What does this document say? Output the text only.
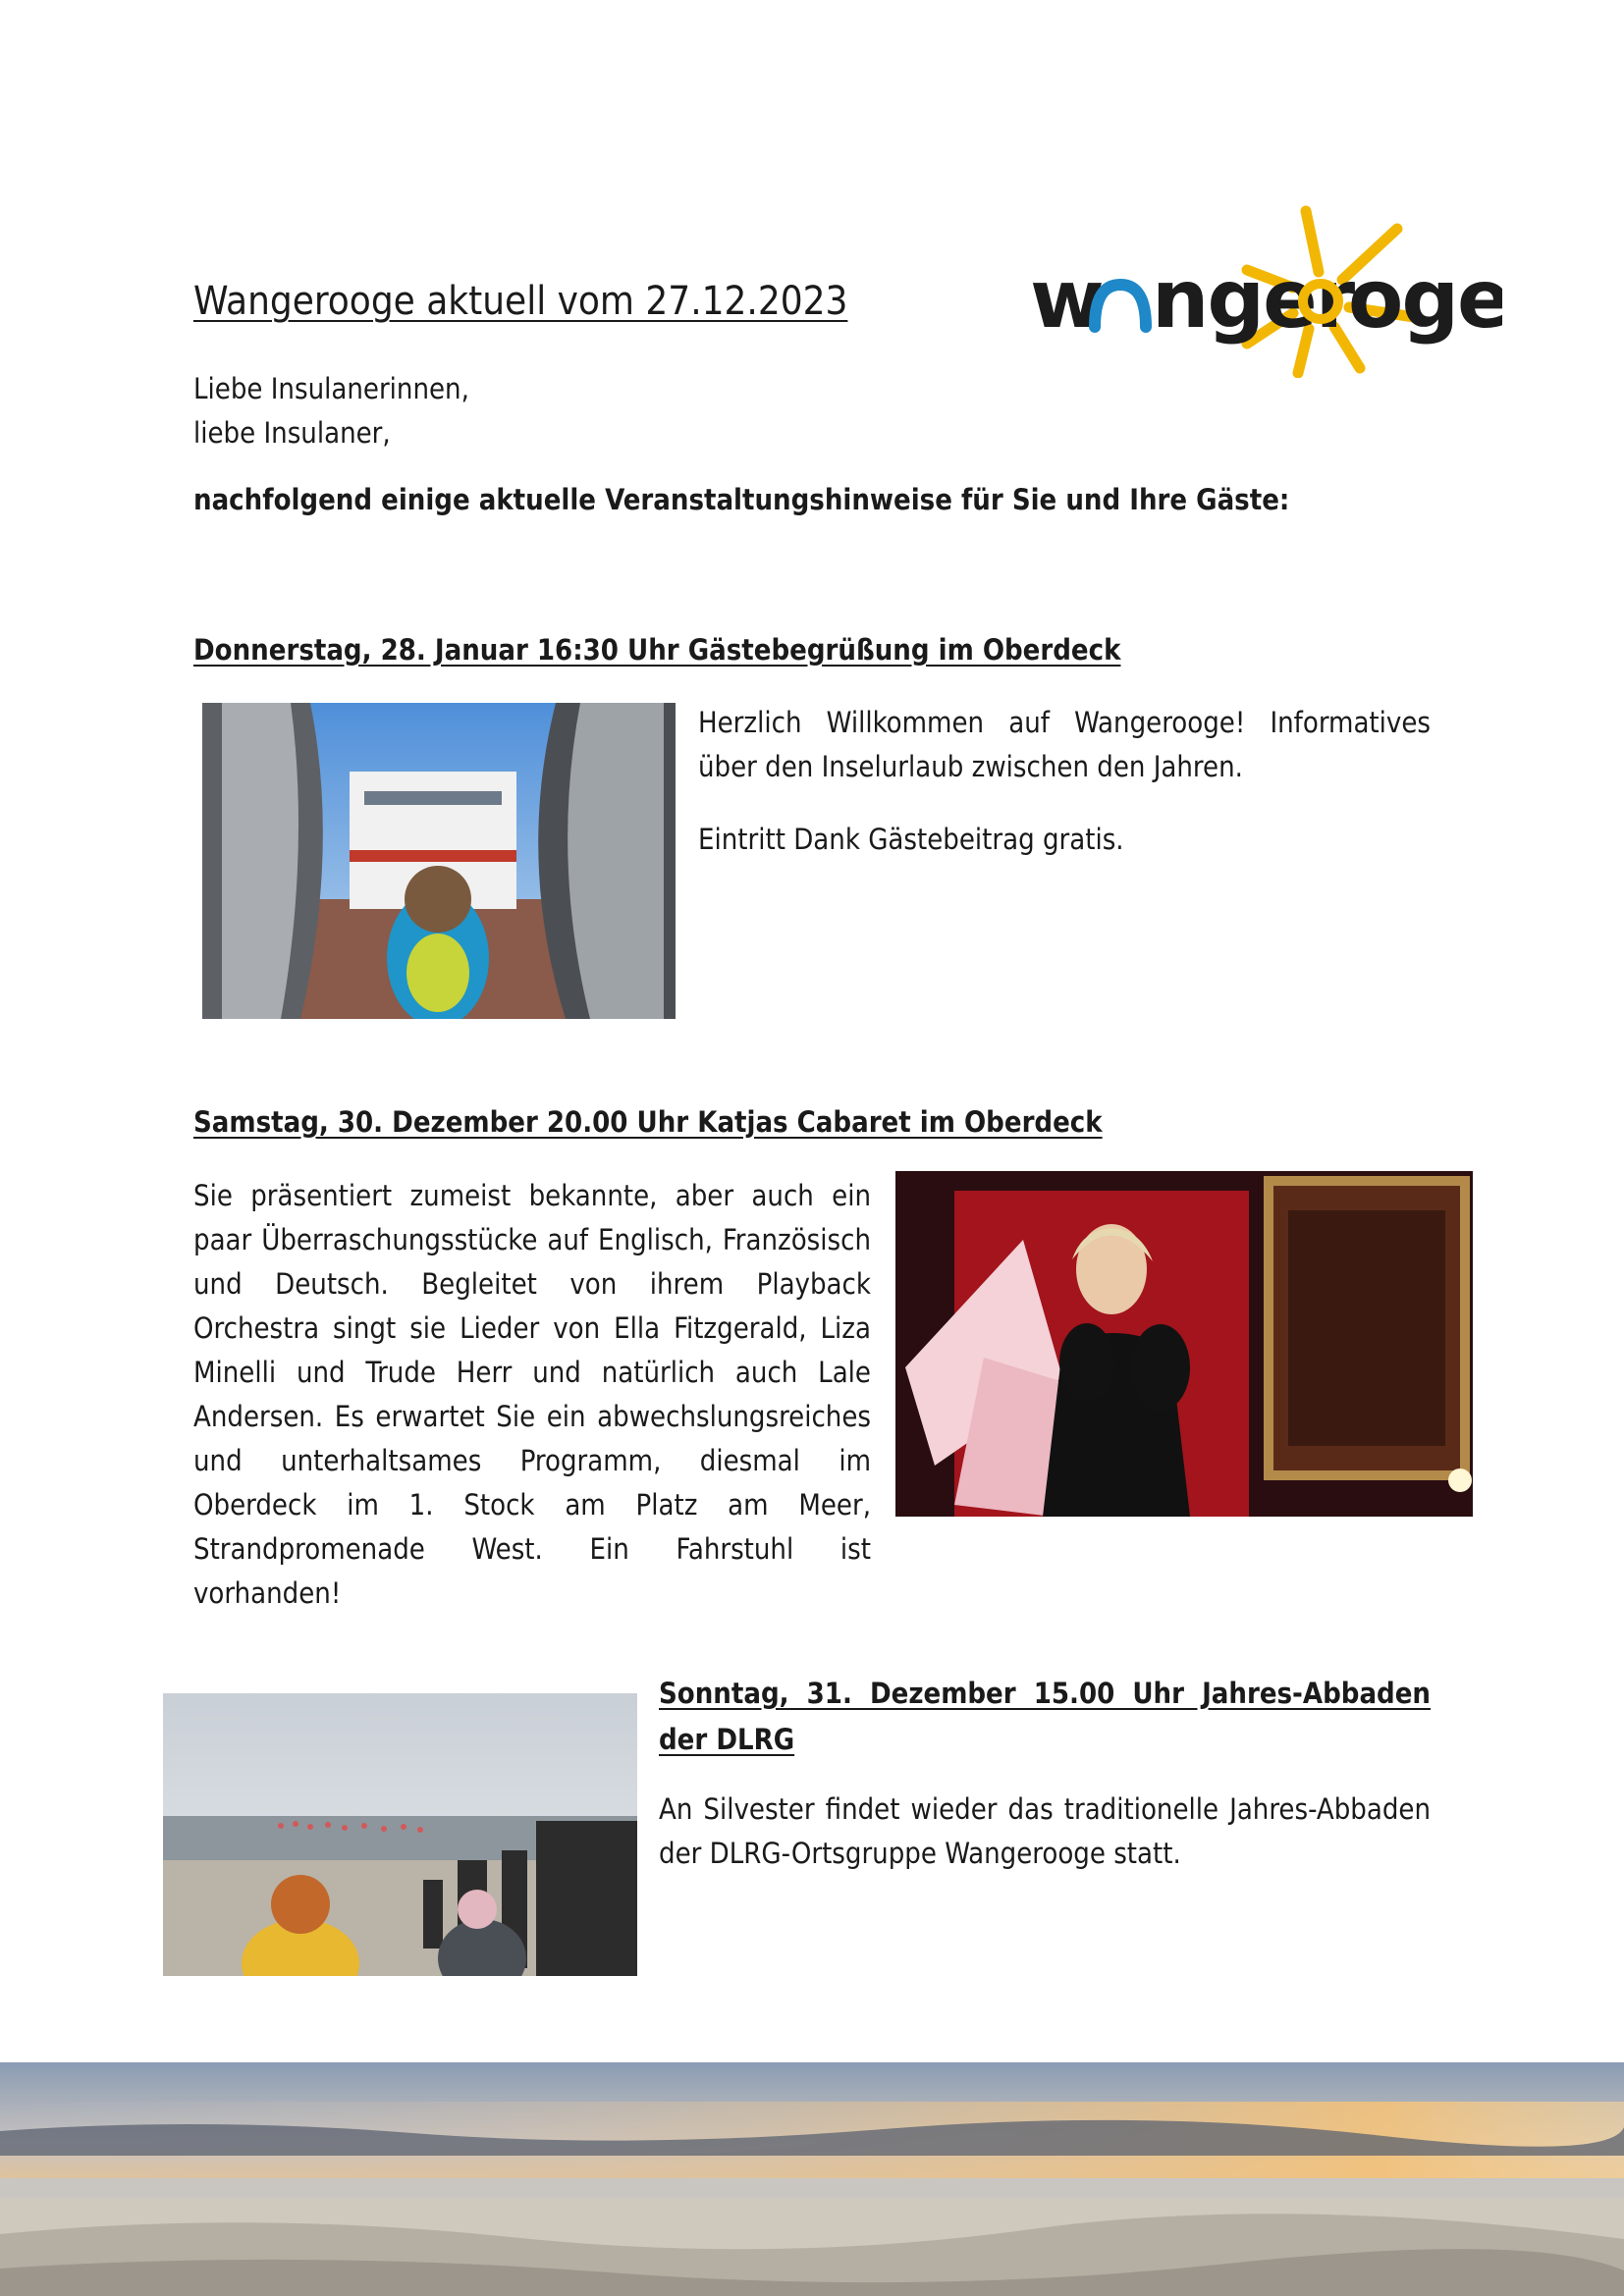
w nger
oge
Wangerooge aktuell vom 27.12.2023
Liebe Insulanerinnen,
liebe Insulaner,
nachfolgend einige aktuelle Veranstaltungshinweise für Sie und Ihre Gäste:
Donnerstag, 28. Januar 16:30 Uhr Gästebegrüßung im Oberdeck

Herzlich Willkommen auf Wangerooge! Informatives über den Inselurlaub zwischen den Jahren.

Eintritt Dank Gästebeitrag gratis.

Samstag, 30. Dezember 20.00 Uhr Katjas Cabaret im Oberdeck

Sie präsentiert zumeist bekannte, aber auch ein paar Überraschungsstücke auf Englisch, Französisch und Deutsch. Begleitet von ihrem Playback Orchestra singt sie Lieder von Ella Fitzgerald, Liza Minelli und Trude Herr und natürlich auch Lale Andersen. Es erwartet Sie ein abwechslungsreiches und unterhaltsames Programm, diesmal im Oberdeck im 1. Stock am Platz am Meer, Strandpromenade West. Ein Fahrstuhl ist vorhanden!

Sonntag, 31. Dezember 15.00 Uhr Jahres-Abbaden der DLRG

An Silvester findet wieder das traditionelle Jahres-Abbaden der DLRG-Ortsgruppe Wangerooge statt.
